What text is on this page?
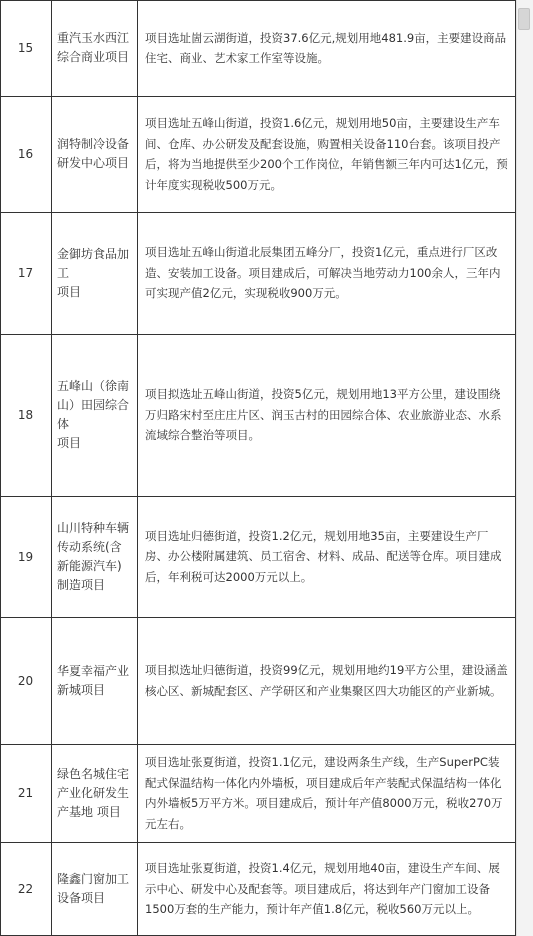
15
重汽玉水西江
综合商业项目
项目选址崮云湖街道，投资37.6亿元,规划用地481.9亩，主要建设商品住宅、商业、艺术家工作室等设施。
16
润特制冷设备
研发中心项目
项目选址五峰山街道，投资1.6亿元，规划用地50亩，主要建设生产车间、仓库、办公研发及配套设施，购置相关设备110台套。该项目投产后，将为当地提供至少200个工作岗位，年销售额三年内可达1亿元，预计年度实现税收500万元。
17
金御坊食品加
工
项目
项目选址五峰山街道北辰集团五峰分厂，投资1亿元，重点进行厂区改造、安装加工设备。项目建成后，可解决当地劳动力100余人，三年内可实现产值2亿元，实现税收900万元。
18
五峰山（徐南
山）田园综合
体
项目
项目拟选址五峰山街道，投资5亿元，规划用地13平方公里，建设围绕万归路宋村至庄庄片区、润玉古村的田园综合体、农业旅游业态、水系流域综合整治等项目。
19
山川特种车辆
传动系统(含
新能源汽车)
制造项目
项目选址归德街道，投资1.2亿元，规划用地35亩，主要建设生产厂房、办公楼附属建筑、员工宿舍、材料、成品、配送等仓库。项目建成后，年利税可达2000万元以上。
20
华夏幸福产业
新城项目
项目拟选址归德街道，投资99亿元，规划用地约19平方公里，建设涵盖核心区、新城配套区、产学研区和产业集聚区四大功能区的产业新城。
21
绿色名城住宅
产业化研发生
产基地 项目
项目选址张夏街道，投资1.1亿元，建设两条生产线，生产SuperPC装配式保温结构一体化内外墙板，项目建成后年产装配式保温结构一体化内外墙板5万平方米。项目建成后，预计年产值8000万元，税收270万元左右。
22
隆鑫门窗加工
设备项目
项目选址张夏街道，投资1.4亿元，规划用地40亩，建设生产车间、展示中心、研发中心及配套等。项目建成后，将达到年产门窗加工设备1500万套的生产能力，预计年产值1.8亿元，税收560万元以上。
